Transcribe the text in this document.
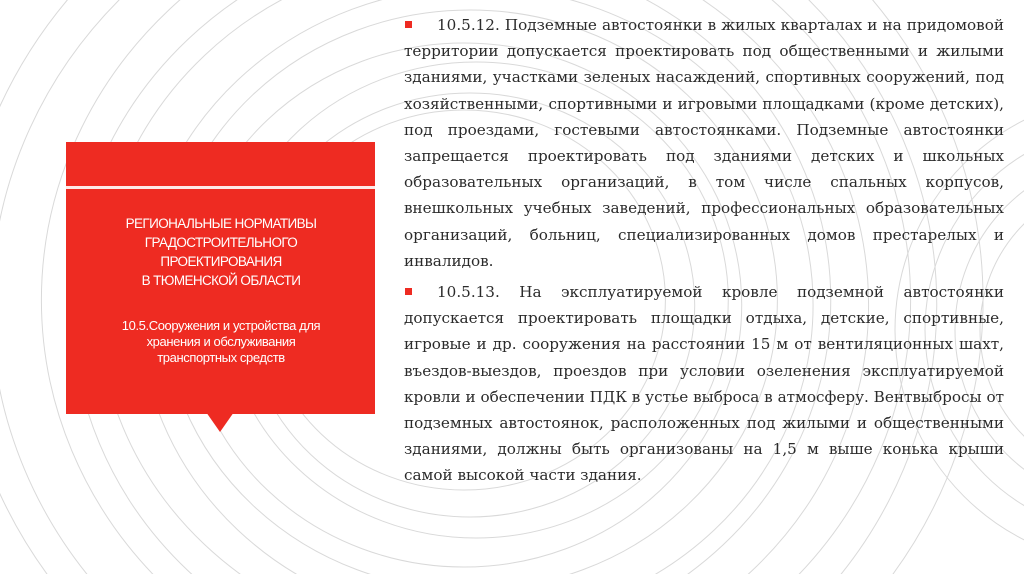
РЕГИОНАЛЬНЫЕ НОРМАТИВЫ
ГРАДОСТРОИТЕЛЬНОГО
ПРОЕКТИРОВАНИЯ
В ТЮМЕНСКОЙ ОБЛАСТИ
10.5.Сооружения и устройства для
хранения и обслуживания
транспортных средств
10.5.12. Подземные автостоянки в жилых кварталах и на придомовой территории допускается проектировать под общественными и жилыми зданиями, участками зеленых насаждений, спортивных сооружений, под хозяйственными, спортивными и игровыми площадками (кроме детских), под проездами, гостевыми автостоянками. Подземные автостоянки запрещается проектировать под зданиями детских и школьных образовательных организаций, в том числе спальных корпусов, внешкольных учебных заведений, профессиональных образовательных организаций, больниц, специализированных домов престарелых и инвалидов.
10.5.13. На эксплуатируемой кровле подземной автостоянки допускается проектировать площадки отдыха, детские, спортивные, игровые и др. сооружения на расстоянии 15 м от вентиляционных шахт, въездов-выездов, проездов при условии озеленения эксплуатируемой кровли и обеспечении ПДК в устье выброса в атмосферу. Вентвыбросы от подземных автостоянок, расположенных под жилыми и общественными зданиями, должны быть организованы на 1,5 м выше конька крыши самой высокой части здания.
